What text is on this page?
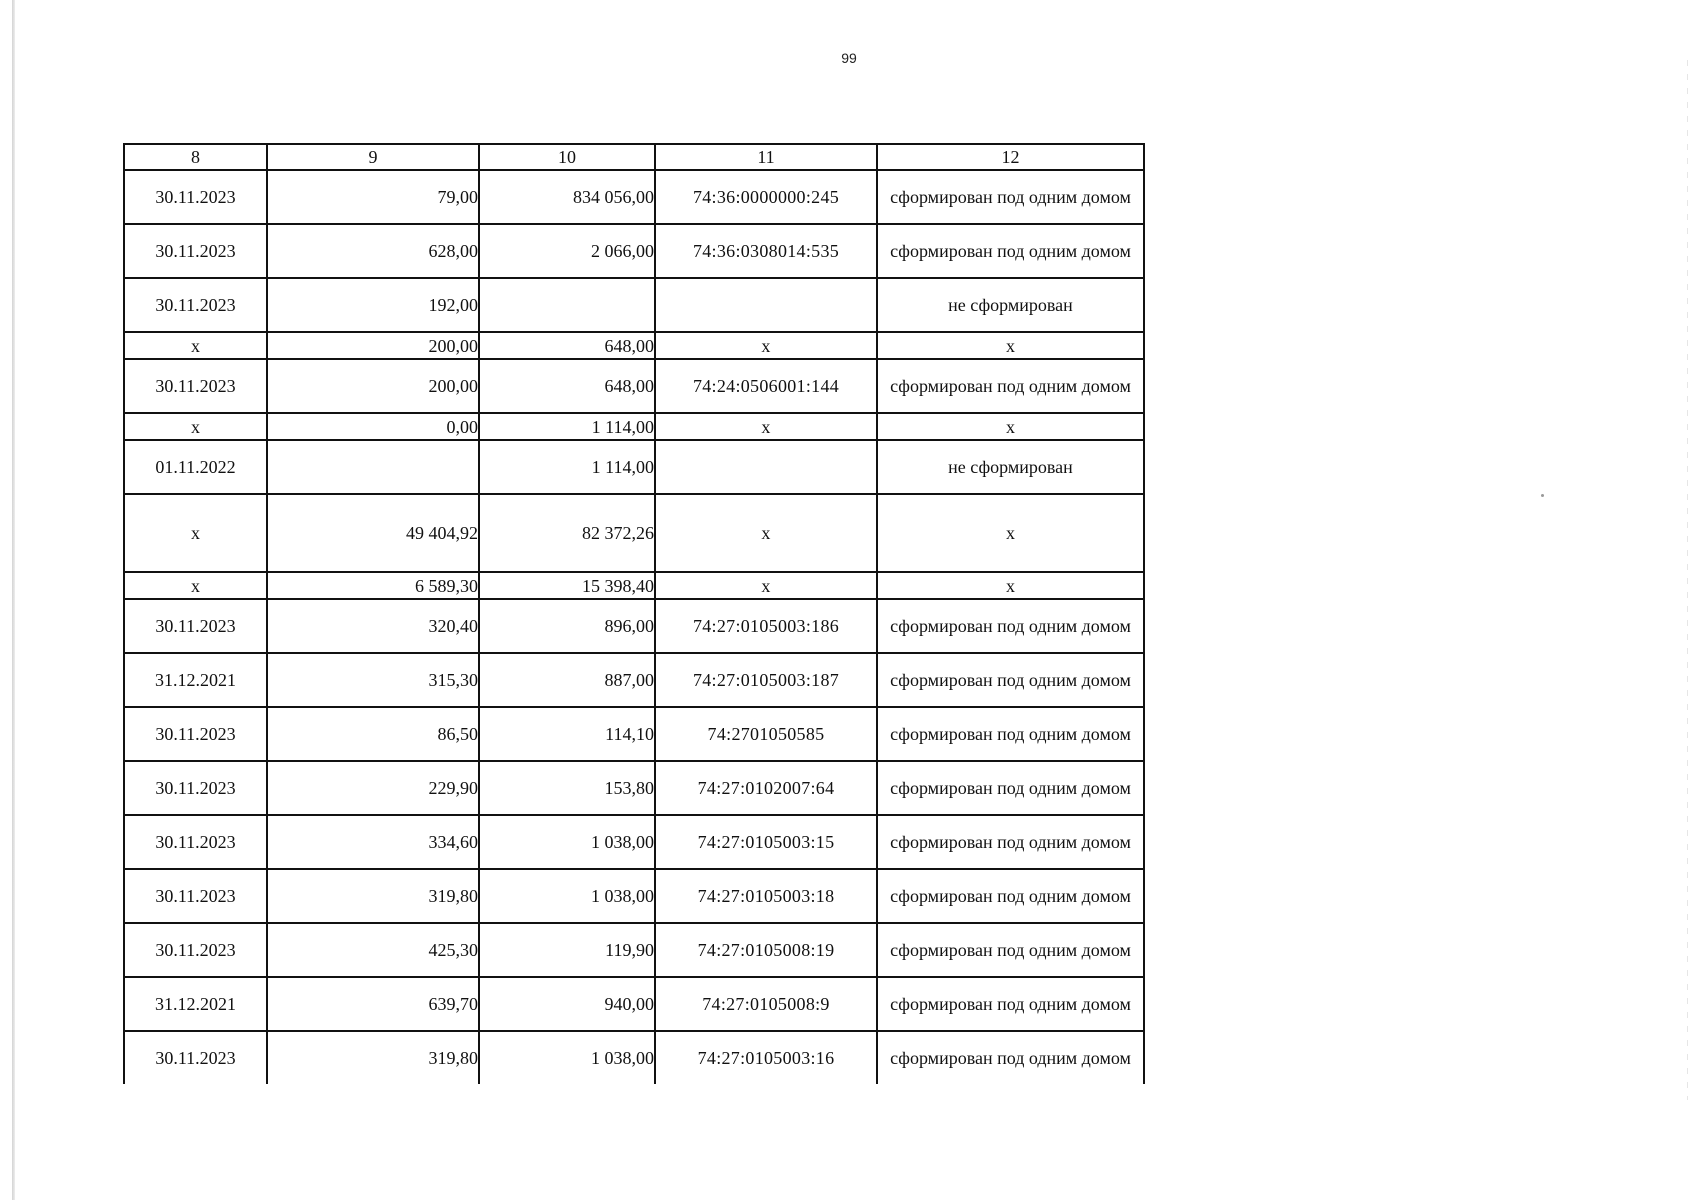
99
8	9	10	11	12
30.11.2023	79,00	834 056,00	74:36:0000000:245	сформирован под одним домом
30.11.2023	628,00	2 066,00	74:36:0308014:535	сформирован под одним домом
30.11.2023	192,00			не сформирован
x	200,00	648,00	x	x
30.11.2023	200,00	648,00	74:24:0506001:144	сформирован под одним домом
x	0,00	1 114,00	x	x
01.11.2022		1 114,00		не сформирован
x	49 404,92	82 372,26	x	x
x	6 589,30	15 398,40	x	x
30.11.2023	320,40	896,00	74:27:0105003:186	сформирован под одним домом
31.12.2021	315,30	887,00	74:27:0105003:187	сформирован под одним домом
30.11.2023	86,50	114,10	74:2701050585	сформирован под одним домом
30.11.2023	229,90	153,80	74:27:0102007:64	сформирован под одним домом
30.11.2023	334,60	1 038,00	74:27:0105003:15	сформирован под одним домом
30.11.2023	319,80	1 038,00	74:27:0105003:18	сформирован под одним домом
30.11.2023	425,30	119,90	74:27:0105008:19	сформирован под одним домом
31.12.2021	639,70	940,00	74:27:0105008:9	сформирован под одним домом
30.11.2023	319,80	1 038,00	74:27:0105003:16	сформирован под одним домом
